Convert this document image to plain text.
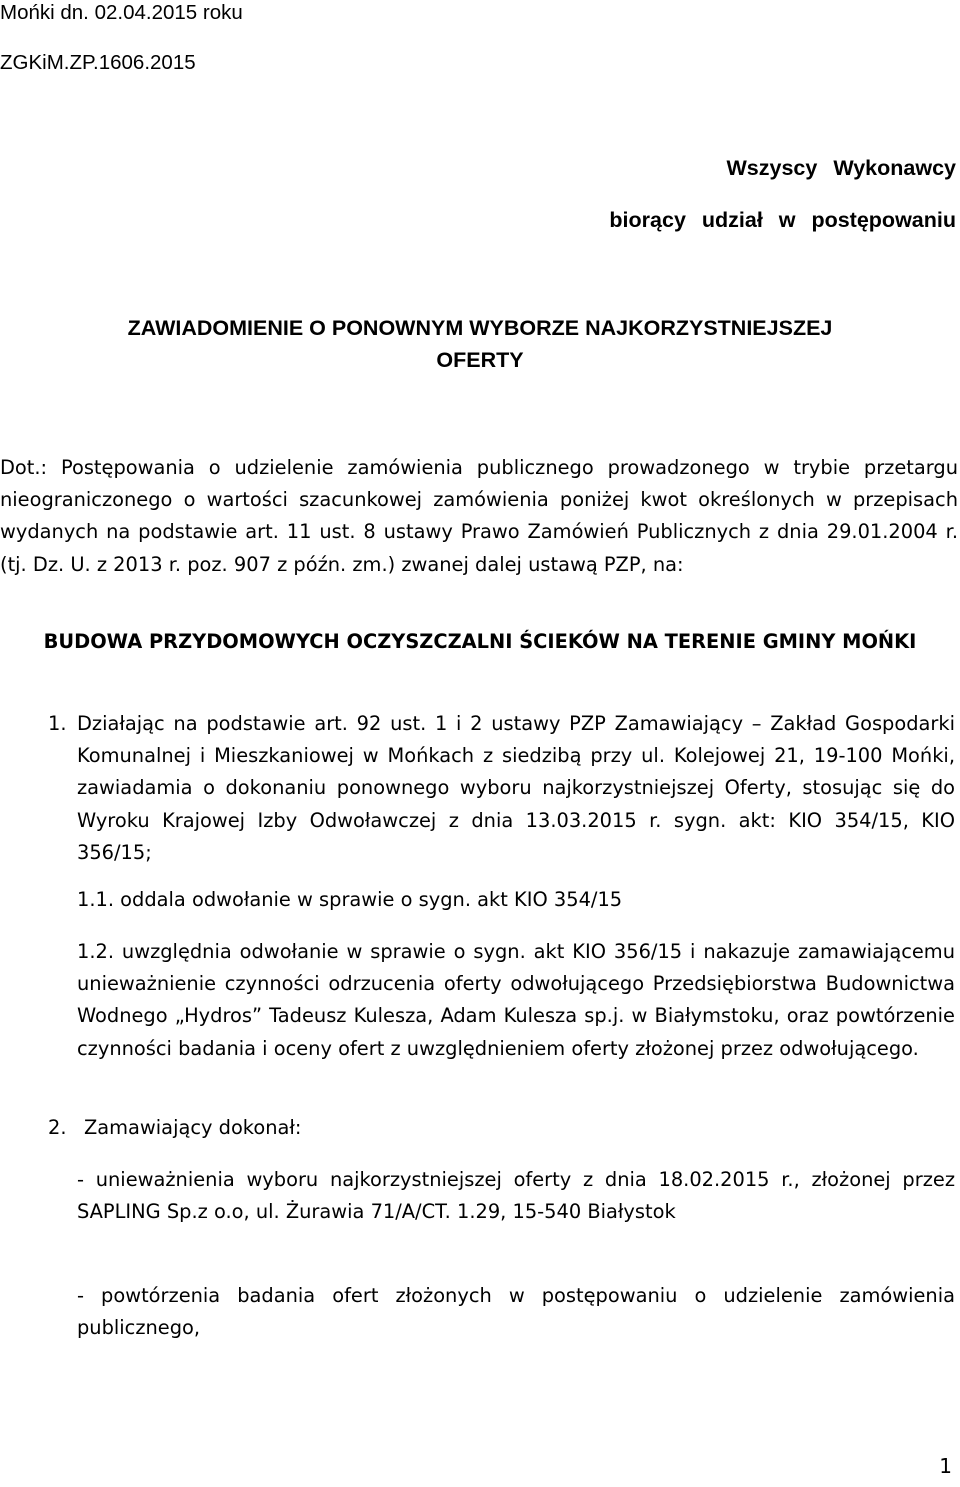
Mońki dn. 02.04.2015 roku
ZGKiM.ZP.1606.2015
Wszyscy Wykonawcy
biorący udział w postępowaniu
ZAWIADOMIENIE O PONOWNYM WYBORZE NAJKORZYSTNIEJSZEJ
OFERTY
Dot.: Postępowania o udzielenie zamówienia publicznego prowadzonego w trybie przetargu nieograniczonego o wartości szacunkowej zamówienia poniżej kwot określonych w przepisach wydanych na podstawie art. 11 ust. 8 ustawy Prawo Zamówień Publicznych z dnia 29.01.2004 r. (tj. Dz. U. z 2013 r. poz. 907 z późn. zm.) zwanej dalej ustawą PZP, na:
BUDOWA PRZYDOMOWYCH OCZYSZCZALNI ŚCIEKÓW NA TERENIE GMINY MOŃKI
1. Działając na podstawie art. 92 ust. 1 i 2 ustawy PZP Zamawiający – Zakład Gospodarki Komunalnej i Mieszkaniowej w Mońkach z siedzibą przy ul. Kolejowej 21, 19-100 Mońki, zawiadamia o dokonaniu ponownego wyboru najkorzystniejszej Oferty, stosując się do Wyroku Krajowej Izby Odwoławczej z dnia 13.03.2015 r. sygn. akt: KIO 354/15, KIO 356/15;
1.1. oddala odwołanie w sprawie o sygn. akt KIO 354/15
1.2. uwzględnia odwołanie w sprawie o sygn. akt KIO 356/15 i nakazuje zamawiającemu unieważnienie czynności odrzucenia oferty odwołującego Przedsiębiorstwa Budownictwa Wodnego „Hydros” Tadeusz Kulesza, Adam Kulesza sp.j. w Białymstoku, oraz powtórzenie czynności badania i oceny ofert z uwzględnieniem oferty złożonej przez odwołującego.
2. Zamawiający dokonał:
- unieważnienia wyboru najkorzystniejszej oferty z dnia 18.02.2015 r., złożonej przez SAPLING Sp.z o.o, ul. Żurawia 71/A/CT. 1.29, 15-540 Białystok
- powtórzenia badania ofert złożonych w postępowaniu o udzielenie zamówienia publicznego,
1
